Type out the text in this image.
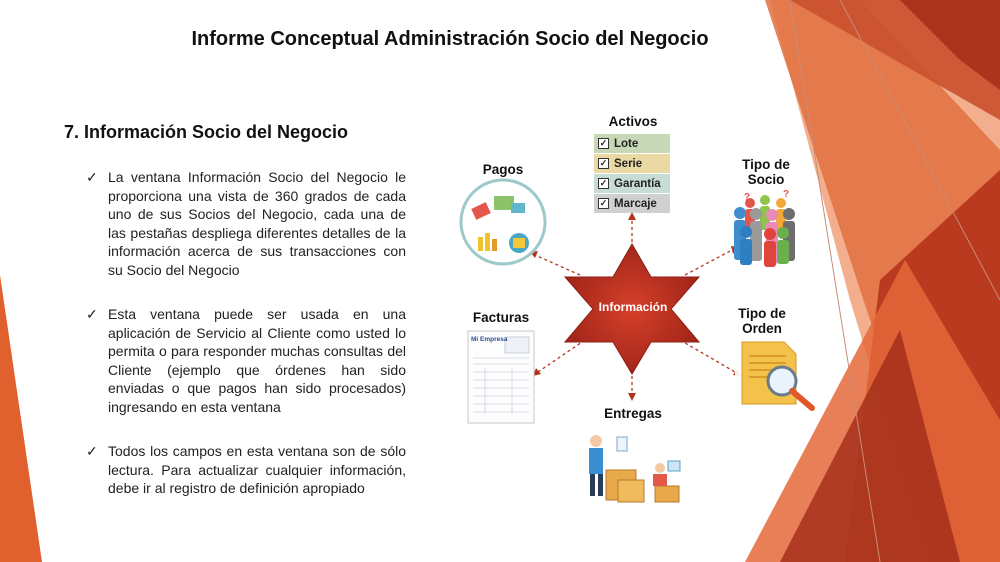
Informe Conceptual Administración Socio del Negocio
7. Información Socio del Negocio
✓ La ventana Información Socio del Negocio le proporciona una vista de 360 grados de cada uno de sus Socios del Negocio, cada una de las pestañas despliega diferentes detalles de la información acerca de sus transacciones con su Socio del Negocio
✓ Esta ventana puede ser usada en una aplicación de Servicio al Cliente como usted lo permita o para responder muchas consultas del Cliente (ejemplo que órdenes han sido enviadas o que pagos han sido procesados) ingresando en esta ventana
✓ Todos los campos en esta ventana son de sólo lectura. Para actualizar cualquier información, debe ir al registro de definición apropiado
?	?
Activos
✓ Lote
✓ Serie
✓ Garantía
✓ Marcaje
Pagos	Tipo de
Socio
Facturas
Mi Empresa
Tipo de
Orden
Entregas
Información
